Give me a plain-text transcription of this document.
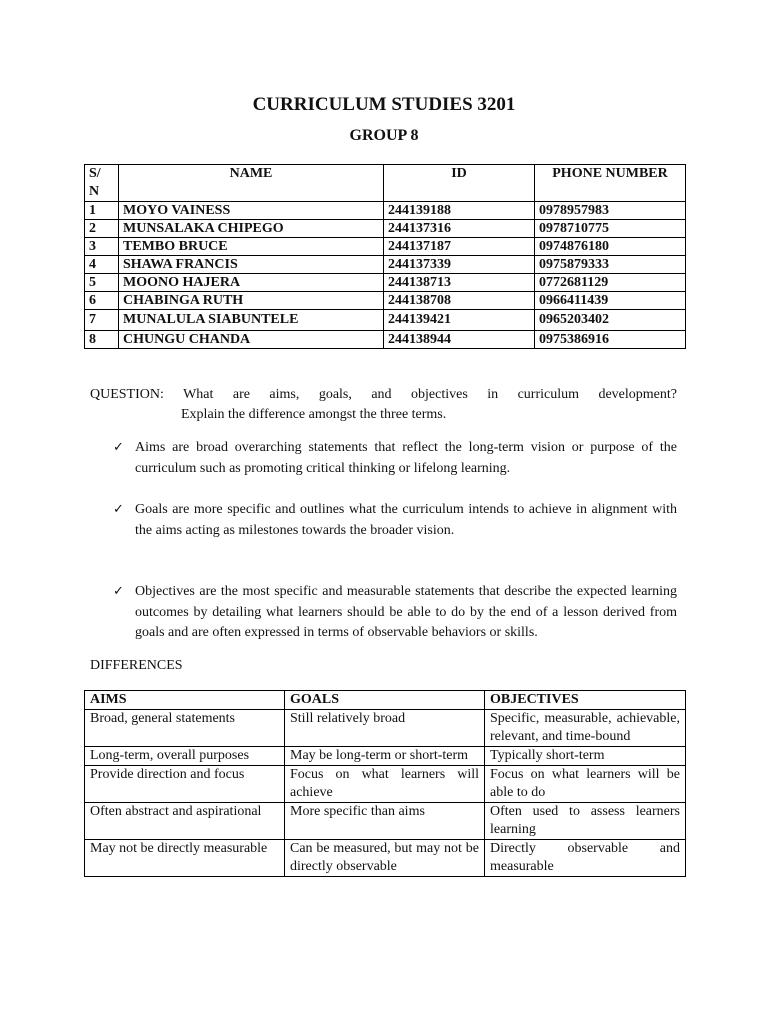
CURRICULUM STUDIES 3201
GROUP 8
S/
N	NAME	ID	PHONE NUMBER
1	MOYO VAINESS	244139188	0978957983
2	MUNSALAKA CHIPEGO	244137316	0978710775
3	TEMBO BRUCE	244137187	0974876180
4	SHAWA FRANCIS	244137339	0975879333
5	MOONO HAJERA	244138713	0772681129
6	CHABINGA RUTH	244138708	0966411439
7	MUNALULA SIABUNTELE	244139421	0965203402
8	CHUNGU CHANDA	244138944	0975386916
QUESTION: What are aims, goals, and objectives in curriculum development?
Explain the difference amongst the three terms.
✓ Aims are broad overarching statements that reflect the long-term vision or purpose of the curriculum such as promoting critical thinking or lifelong learning.
✓ Goals are more specific and outlines what the curriculum intends to achieve in alignment with the aims acting as milestones towards the broader vision.
✓ Objectives are the most specific and measurable statements that describe the expected learning outcomes by detailing what learners should be able to do by the end of a lesson derived from goals and are often expressed in terms of observable behaviors or skills.
DIFFERENCES
AIMS	GOALS	OBJECTIVES
Broad, general statements	Still relatively broad	Specific, measurable, achievable, relevant, and time-bound
Long-term, overall purposes	May be long-term or short-term	Typically short-term
Provide direction and focus	Focus on what learners will achieve	Focus on what learners will be able to do
Often abstract and aspirational	More specific than aims	Often used to assess learners learning
May not be directly measurable	Can be measured, but may not be directly observable	Directly observable and measurable
